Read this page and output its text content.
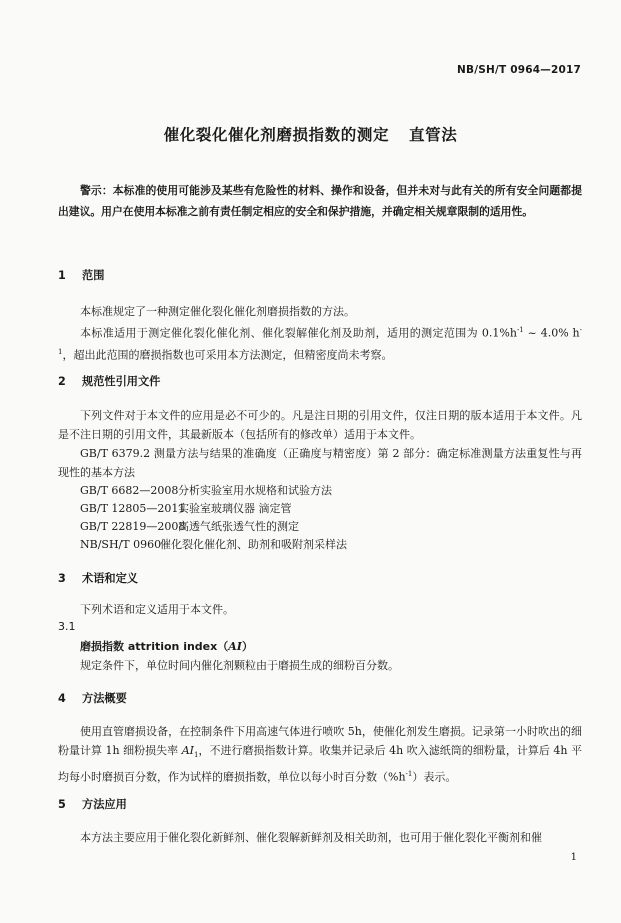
NB/SH/T 0964—2017
催化裂化催化剂磨损指数的测定 直管法
警示：本标准的使用可能涉及某些有危险性的材料、操作和设备，但并未对与此有关的所有安全问题都提出建议。用户在使用本标准之前有责任制定相应的安全和保护措施，并确定相关规章限制的适用性。
1 范围
本标准规定了一种测定催化裂化催化剂磨损指数的方法。
本标准适用于测定催化裂化催化剂、催化裂解催化剂及助剂，适用的测定范围为 $0.1\%h^{-1}$ ~ 4.0% $h^{-1}$，超出此范围的磨损指数也可采用本方法测定，但精密度尚未考察。
2 规范性引用文件
下列文件对于本文件的应用是必不可少的。凡是注日期的引用文件，仅注日期的版本适用于本文件。凡是不注日期的引用文件，其最新版本（包括所有的修改单）适用于本文件。
GB/T 6379.2 测量方法与结果的准确度（正确度与精密度）第 2 部分：确定标准测量方法重复性与再现性的基本方法
GB/T 6682—2008分析实验室用水规格和试验方法
GB/T 12805—2011实验室玻璃仪器 滴定管
GB/T 22819—2008高透气纸张透气性的测定
NB/SH/T 0960催化裂化催化剂、助剂和吸附剂采样法
3 术语和定义
下列术语和定义适用于本文件。
3.1
磨损指数 attrition index（AI）
规定条件下，单位时间内催化剂颗粒由于磨损生成的细粉百分数。
4 方法概要
使用直管磨损设备，在控制条件下用高速气体进行喷吹 5h，使催化剂发生磨损。记录第一小时吹出的细粉量计算 1h 细粉损失率 $AI_1$，不进行磨损指数计算。收集并记录后 4h 吹入滤纸筒的细粉量，计算后 4h 平均每小时磨损百分数，作为试样的磨损指数，单位以每小时百分数$(\%h^{-1})$表示。
5 方法应用
本方法主要应用于催化裂化新鲜剂、催化裂解新鲜剂及相关助剂，也可用于催化裂化平衡剂和催
1
